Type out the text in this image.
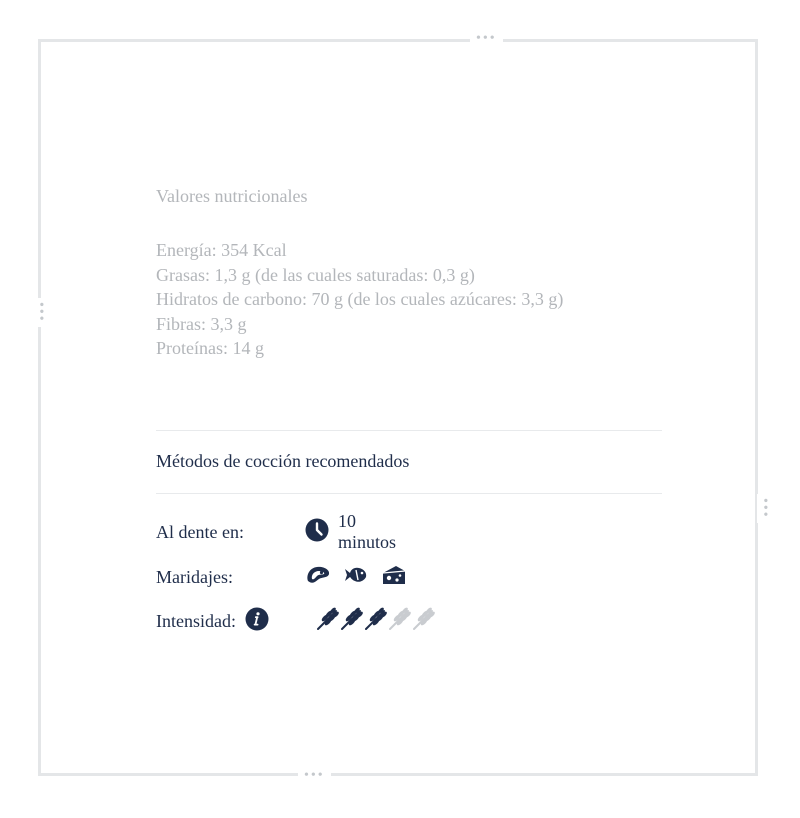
•••
•••
•••
•••
Valores nutricionales
Energía: 354 Kcal
Grasas: 1,3 g (de las cuales saturadas: 0,3 g)
Hidratos de carbono: 70 g (de los cuales azúcares: 3,3 g)
Fibras: 3,3 g
Proteínas: 14 g
Métodos de cocción recomendados
Al dente en:
10 minutos
Maridajes:
Intensidad:
